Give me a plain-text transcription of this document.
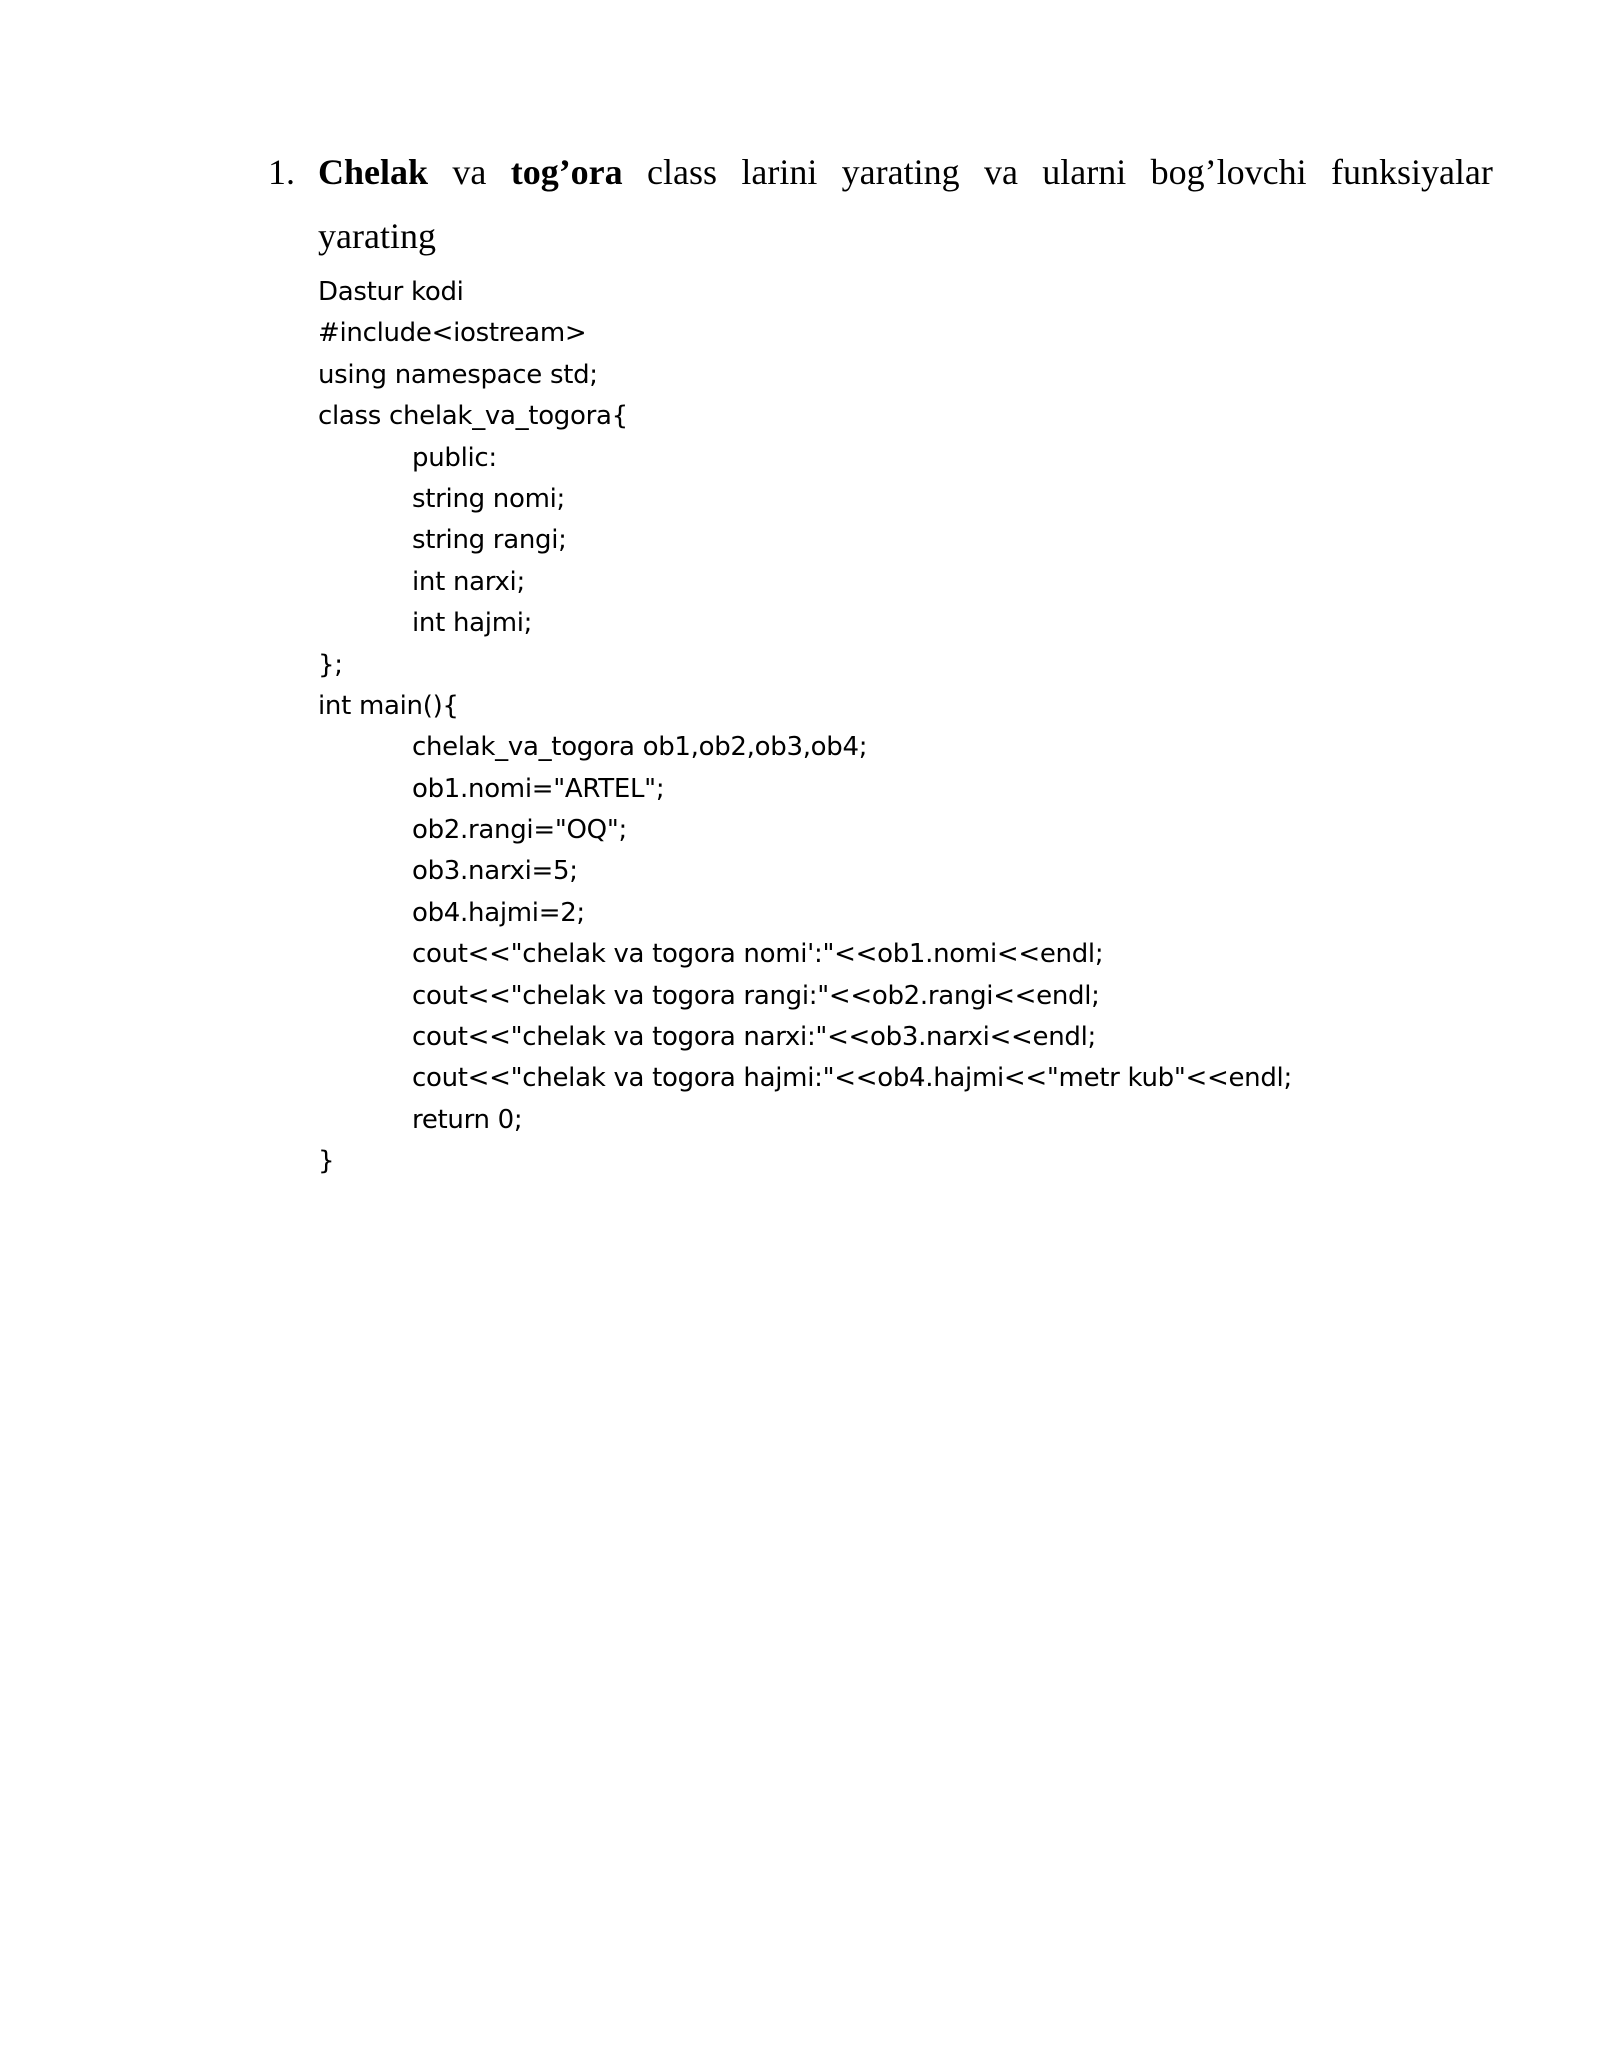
1. Chelak va tog’ora class larini yarating va ularni bog’lovchi funksiyalar
yarating
Dastur kodi
#include<iostream>
using namespace std;
class chelak_va_togora{
public:
string nomi;
string rangi;
int narxi;
int hajmi;
};
int main(){
chelak_va_togora ob1,ob2,ob3,ob4;
ob1.nomi="ARTEL";
ob2.rangi="OQ";
ob3.narxi=5;
ob4.hajmi=2;
cout<<"chelak va togora nomi':"<<ob1.nomi<<endl;
cout<<"chelak va togora rangi:"<<ob2.rangi<<endl;
cout<<"chelak va togora narxi:"<<ob3.narxi<<endl;
cout<<"chelak va togora hajmi:"<<ob4.hajmi<<"metr kub"<<endl;
return 0;
}
